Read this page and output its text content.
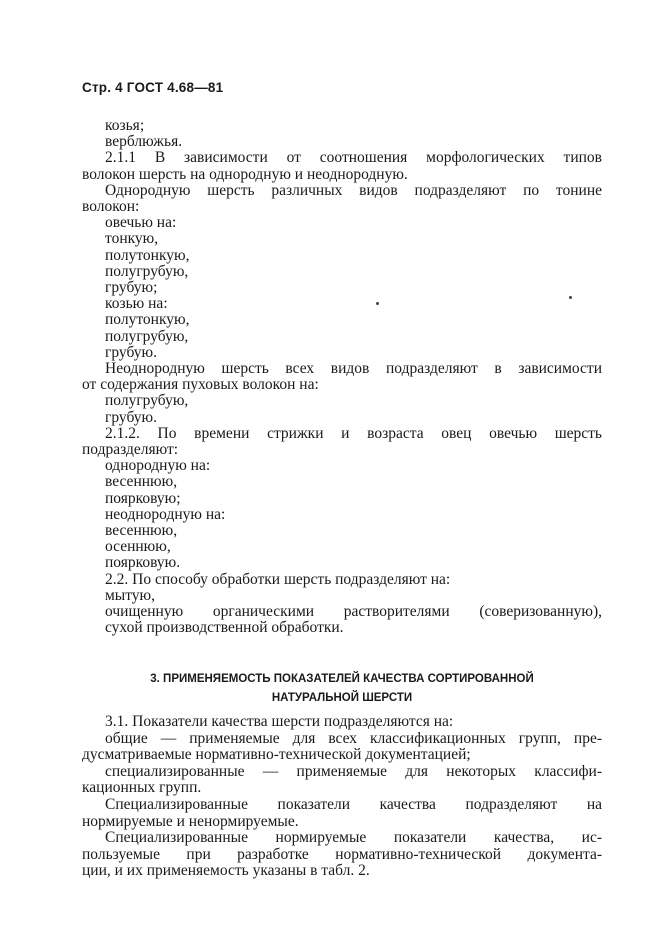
Стр. 4 ГОСТ 4.68—81

козья;

верблюжья.

2.1.1 В зависимости от соотношения морфологических типов

волокон шерсть на однородную и неоднородную.

Однородную шерсть различных видов подразделяют по тонине

волокон:

овечью на:

тонкую,

полутонкую,

полугрубую,

грубую;

козью на:

полутонкую,

полугрубую,

грубую.

Неоднородную шерсть всех видов подразделяют в зависимости

от содержания пуховых волокон на:

полугрубую,

грубую.

2.1.2. По времени стрижки и возраста овец овечью шерсть

подразделяют:

однородную на:

весеннюю,

поярковую;

неоднородную на:

весеннюю,

осеннюю,

поярковую.

2.2. По способу обработки шерсть подразделяют на:

мытую,

очищенную органическими растворителями (соверизованную),

сухой производственной обработки.

3. ПРИМЕНЯЕМОСТЬ ПОКАЗАТЕЛЕЙ КАЧЕСТВА СОРТИРОВАННОЙ

НАТУРАЛЬНОЙ ШЕРСТИ

3.1. Показатели качества шерсти подразделяются на:

общие — применяемые для всех классификационных групп, пре-

дусматриваемые нормативно-технической документацией;

специализированные — применяемые для некоторых классифи-

кационных групп.

Специализированные показатели качества подразделяют на

нормируемые и ненормируемые.

Специализированные нормируемые показатели качества, ис-

пользуемые при разработке нормативно-технической документа-

ции, и их применяемость указаны в табл. 2.
